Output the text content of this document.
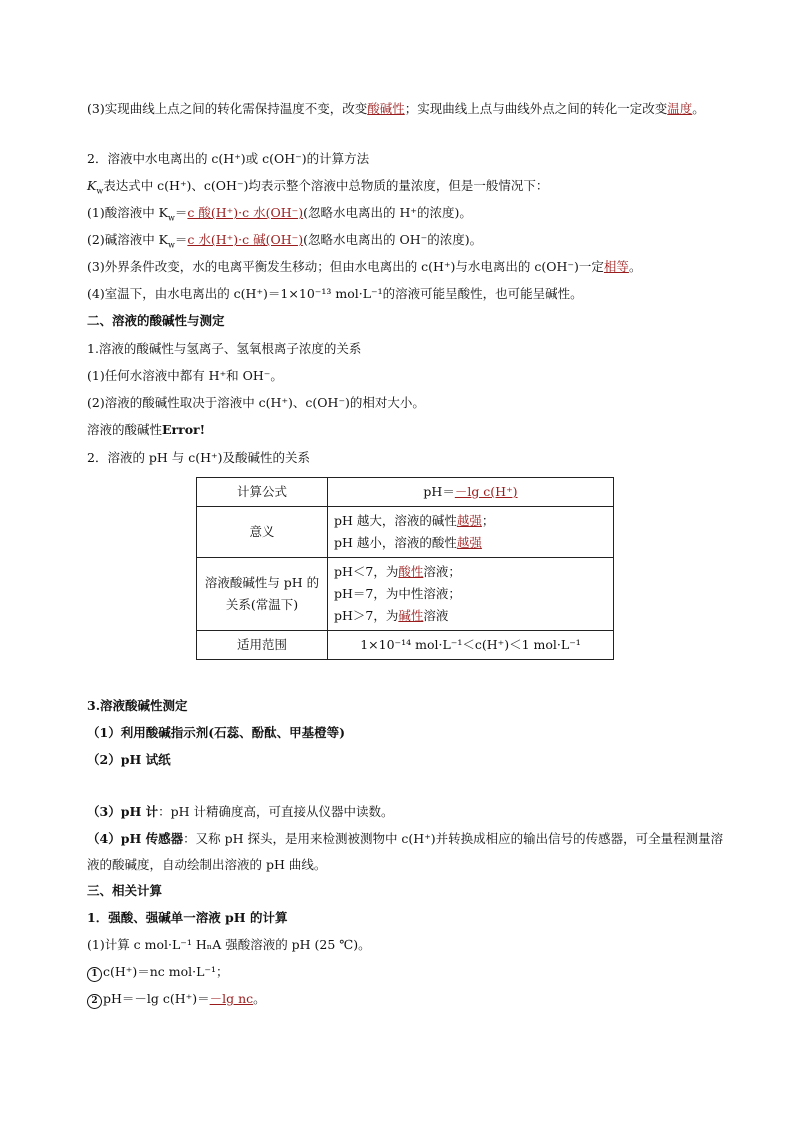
(3)实现曲线上点之间的转化需保持温度不变，改变酸碱性；实现曲线上点与曲线外点之间的转化一定改变温度。
2．溶液中水电离出的 c(H⁺)或 c(OH⁻)的计算方法
$K_w$表达式中 c(H⁺)、c(OH⁻)均表示整个溶液中总物质的量浓度，但是一般情况下：
(1)酸溶液中 $K_w=c$ 酸(H⁺)·c 水(OH⁻)(忽略水电离出的 H⁺的浓度)。
(2)碱溶液中 $K_w=c$ 水(H⁺)·c 碱(OH⁻)(忽略水电离出的 OH⁻的浓度)。
(3)外界条件改变，水的电离平衡发生移动；但由水电离出的 c(H⁺)与水电离出的 c(OH⁻)一定相等。
(4)室温下，由水电离出的 c(H⁺)＝1×10⁻¹³ mol·L⁻¹的溶液可能呈酸性，也可能呈碱性。
二、溶液的酸碱性与测定
1.溶液的酸碱性与氢离子、氢氧根离子浓度的关系
(1)任何水溶液中都有 H⁺和 OH⁻。
(2)溶液的酸碱性取决于溶液中 c(H⁺)、c(OH⁻)的相对大小。
溶液的酸碱性Error!
2．溶液的 pH 与 c(H⁺)及酸碱性的关系
计算公式	pH＝－lg c(H⁺)
意义	pH 越大，溶液的碱性越强；
pH 越小，溶液的酸性越强

溶液酸碱性与 pH 的关系(常温下)	pH＜7，为酸性溶液；
pH＝7，为中性溶液；
pH＞7，为碱性溶液

适用范围	1×10⁻¹⁴ mol·L⁻¹＜c(H⁺)＜1 mol·L⁻¹
3.溶液酸碱性测定
（1）利用酸碱指示剂(石蕊、酚酞、甲基橙等)
（2）pH 试纸
（3）pH 计：pH 计精确度高，可直接从仪器中读数。
（4）pH 传感器：又称 pH 探头，是用来检测被测物中 c(H⁺)并转换成相应的输出信号的传感器，可全量程测量溶液的酸碱度，自动绘制出溶液的 pH 曲线。
三、相关计算
1．强酸、强碱单一溶液 pH 的计算
(1)计算 c mol·L⁻¹ HₙA 强酸溶液的 pH (25 ℃)。
1 c(H⁺)＝nc mol·L⁻¹；
2 pH＝－lg c(H⁺)＝－lg nc。
